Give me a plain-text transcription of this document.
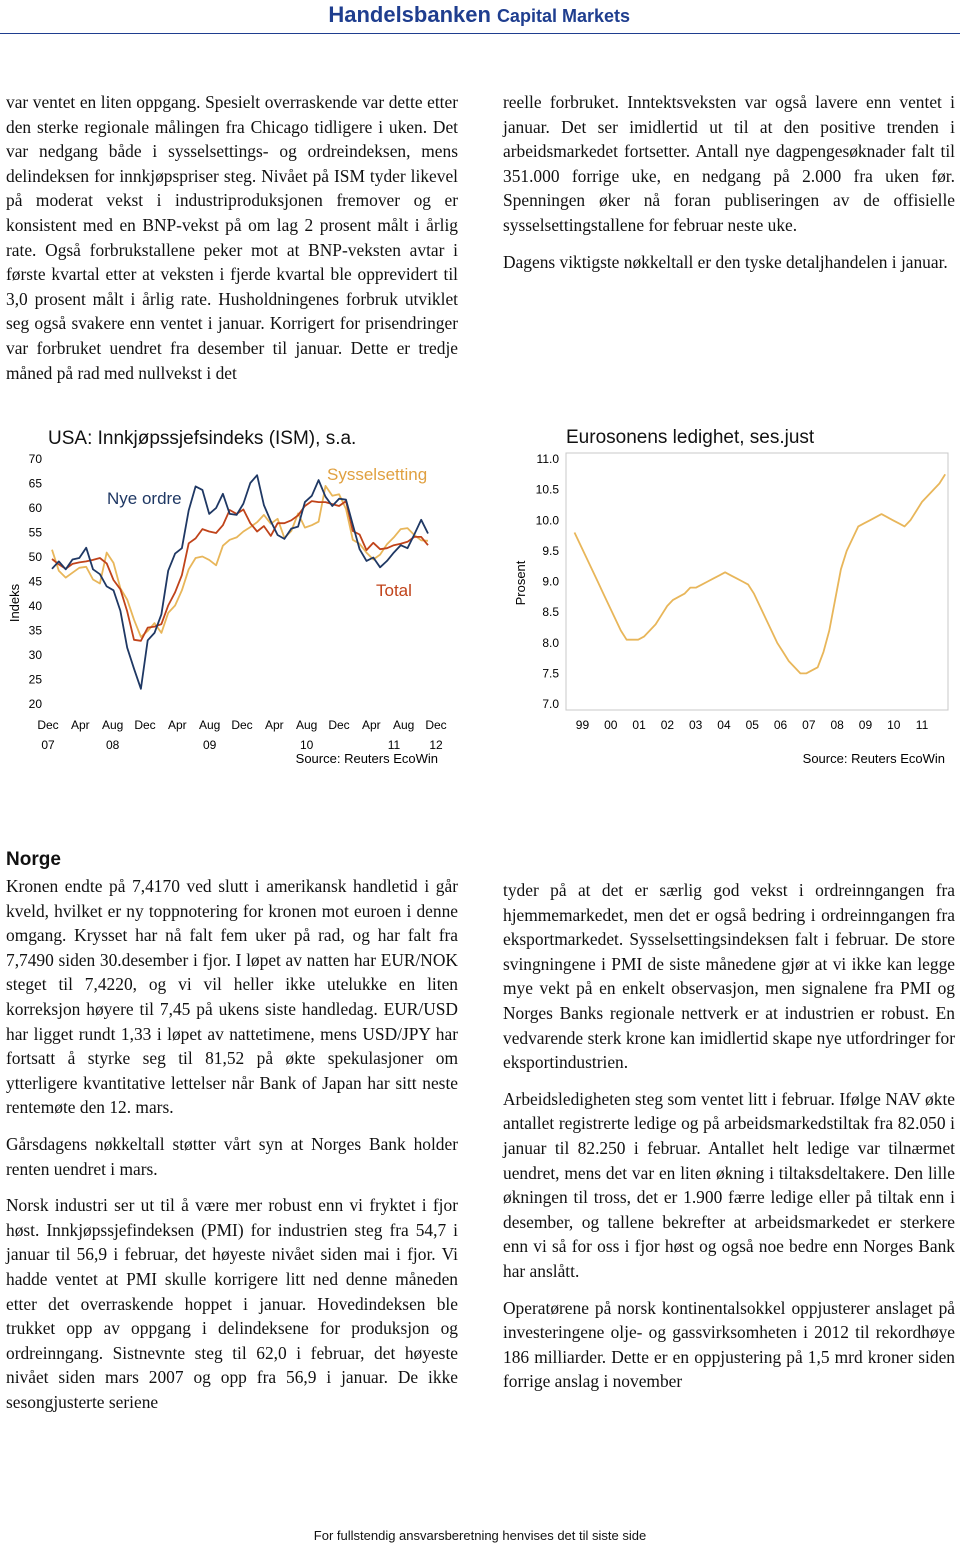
Handelsbanken Capital Markets

var ventet en liten oppgang. Spesielt overraskende var dette etter den sterke regionale målingen fra Chicago tidligere i uken. Det var nedgang både i sysselsettings- og ordreindeksen, mens delindeksen for innkjøpspriser steg. Nivået på ISM tyder likevel på moderat vekst i industriproduksjonen fremover og er konsistent med en BNP-vekst på om lag 2 prosent målt i årlig rate. Også forbrukstallene peker mot at BNP-veksten avtar i første kvartal etter at veksten i fjerde kvartal ble opprevidert til 3,0 prosent målt i årlig rate. Husholdningenes forbruk utviklet seg også svakere enn ventet i januar. Korrigert for prisendringer var forbruket uendret fra desember til januar. Dette er tredje måned på rad med nullvekst i det

reelle forbruket. Inntektsveksten var også lavere enn ventet i januar. Det ser imidlertid ut til at den positive trenden i arbeidsmarkedet fortsetter. Antall nye dagpengesøknader falt til 351.000 forrige uke, en nedgang på 2.000 fra uken før. Spenningen øker nå foran publiseringen av de offisielle sysselsettingstallene for februar neste uke.

Dagens viktigste nøkkeltall er den tyske detaljhandelen i januar.

USA: Innkjøpssjefsindeks (ISM), s.a.
Indeks
Nye ordre
Sysselsetting
Total
Source: Reuters EcoWin
70
65
60
55
50
45
40
35
30
25
20
Dec Apr Aug Dec Apr Aug Dec Apr Aug Dec Apr Aug Dec
07	08	09	10	11 12
Eurosonens ledighet, ses.just
Prosent
Source: Reuters EcoWin
11.0
10.5
10.0
9.5
9.0
8.5
8.0
7.5
7.0
99 00 01 02 03 04 05 06 07 08 09 10 11
Norge

Kronen endte på 7,4170 ved slutt i amerikansk handletid i går kveld, hvilket er ny toppnotering for kronen mot euroen i denne omgang. Krysset har nå falt fem uker på rad, og har falt fra 7,7490 siden 30.desember i fjor. I løpet av natten har EUR/NOK steget til 7,4220, og vi vil heller ikke utelukke en liten korreksjon høyere til 7,45 på ukens siste handledag. EUR/USD har ligget rundt 1,33 i løpet av nattetimene, mens USD/JPY har fortsatt å styrke seg til 81,52 på økte spekulasjoner om ytterligere kvantitative lettelser når Bank of Japan har sitt neste rentemøte den 12. mars.

Gårsdagens nøkkeltall støtter vårt syn at Norges Bank holder renten uendret i mars.

Norsk industri ser ut til å være mer robust enn vi fryktet i fjor høst. Innkjøpssjefindeksen (PMI) for industrien steg fra 54,7 i januar til 56,9 i februar, det høyeste nivået siden mai i fjor. Vi hadde ventet at PMI skulle korrigere litt ned denne måneden etter det overraskende hoppet i januar. Hovedindeksen ble trukket opp av oppgang i delindeksene for produksjon og ordreinngang. Sistnevnte steg til 62,0 i februar, det høyeste nivået siden mars 2007 og opp fra 56,9 i januar. De ikke sesongjusterte seriene

tyder på at det er særlig god vekst i ordreinngangen fra hjemmemarkedet, men det er også bedring i ordreinngangen fra eksportmarkedet. Sysselsettingsindeksen falt i februar. De store svingningene i PMI de siste månedene gjør at vi ikke kan legge mye vekt på en enkelt observasjon, men signalene fra PMI og Norges Banks regionale nettverk er at industrien er robust. En vedvarende sterk krone kan imidlertid skape nye utfordringer for eksportindustrien.

Arbeidsledigheten steg som ventet litt i februar. Ifølge NAV økte antallet registrerte ledige og på arbeidsmarkedstiltak fra 82.050 i januar til 82.250 i februar. Antallet helt ledige var tilnærmet uendret, mens det var en liten økning i tiltaksdeltakere. Den lille økningen til tross, det er 1.900 færre ledige eller på tiltak enn i desember, og tallene bekrefter at arbeidsmarkedet er sterkere enn vi så for oss i fjor høst og også noe bedre enn Norges Bank har anslått.

Operatørene på norsk kontinentalsokkel oppjusterer anslaget på investeringene olje- og gassvirksomheten i 2012 til rekordhøye 186 milliarder. Dette er en oppjustering på 1,5 mrd kroner siden forrige anslag i november

For fullstendig ansvarsberetning henvises det til siste side
